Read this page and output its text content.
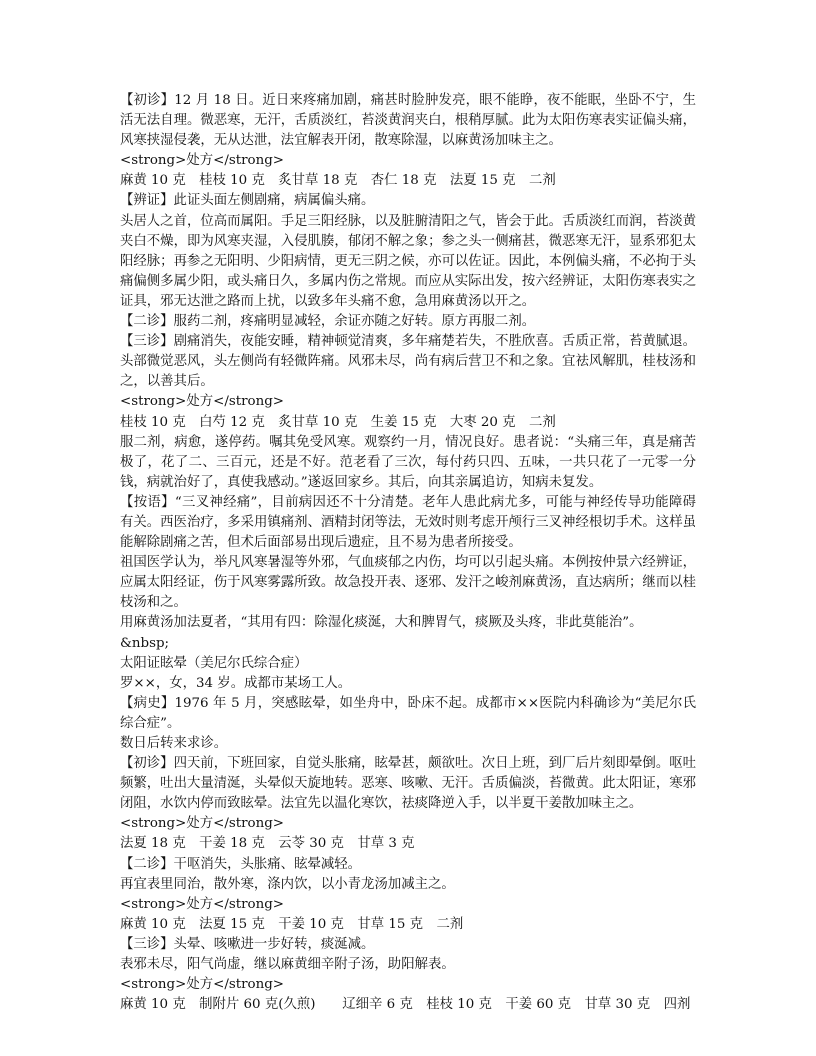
【初诊】12 月 18 日。近日来疼痛加剧，痛甚时脸肿发亮，眼不能睁，夜不能眠，坐卧不宁，生活无法自理。微恶寒，无汗，舌质淡红，苔淡黄润夹白，根稍厚腻。此为太阳伤寒表实证偏头痛，风寒挟湿侵袭，无从达泄，法宜解表开闭，散寒除湿，以麻黄汤加味主之。

<strong>处方</strong>

麻黄 10 克　桂枝 10 克　炙甘草 18 克　杏仁 18 克　法夏 15 克　二剂

【辨证】此证头面左侧剧痛，病属偏头痛。

头居人之首，位高而属阳。手足三阳经脉，以及脏腑清阳之气，皆会于此。舌质淡红而润，苔淡黄夹白不燥，即为风寒夹湿，入侵肌腠，郁闭不解之象；参之头一侧痛甚，微恶寒无汗，显系邪犯太阳经脉；再参之无阳明、少阳病情，更无三阴之候，亦可以佐证。因此，本例偏头痛，不必拘于头痛偏侧多属少阳，或头痛日久，多属内伤之常规。而应从实际出发，按六经辨证，太阳伤寒表实之证具，邪无达泄之路而上扰，以致多年头痛不愈，急用麻黄汤以开之。

【二诊】服药二剂，疼痛明显减轻，余证亦随之好转。原方再服二剂。

【三诊】剧痛消失，夜能安睡，精神顿觉清爽，多年痛楚若失，不胜欣喜。舌质正常，苔黄腻退。头部微觉恶风，头左侧尚有轻微阵痛。风邪未尽，尚有病后营卫不和之象。宜祛风解肌，桂枝汤和之，以善其后。

<strong>处方</strong>

桂枝 10 克　白芍 12 克　炙甘草 10 克　生姜 15 克　大枣 20 克　二剂

服二剂，病愈，遂停药。嘱其免受风寒。观察约一月，情况良好。患者说：“头痛三年，真是痛苦极了，花了二、三百元，还是不好。范老看了三次，每付药只四、五味，一共只花了一元零一分钱，病就治好了，真使我感动。”遂返回家乡。其后，向其亲属追访，知病未复发。

【按语】“三叉神经痛”，目前病因还不十分清楚。老年人患此病尤多，可能与神经传导功能障碍有关。西医治疗，多采用镇痛剂、酒精封闭等法，无效时则考虑开颅行三叉神经根切手术。这样虽能解除剧痛之苦，但术后面部易出现后遗症，且不易为患者所接受。

祖国医学认为，举凡风寒暑湿等外邪，气血痰郁之内伤，均可以引起头痛。本例按仲景六经辨证，应属太阳经证，伤于风寒雾露所致。故急投开表、逐邪、发汗之峻剂麻黄汤，直达病所；继而以桂枝汤和之。

用麻黄汤加法夏者，“其用有四：除湿化痰涎，大和脾胃气，痰厥及头疼，非此莫能治”。

&nbsp;

太阳证眩晕（美尼尔氏综合症）

罗××，女，34 岁。成都市某场工人。

【病史】1976 年 5 月，突感眩晕，如坐舟中，卧床不起。成都市××医院内科确诊为“美尼尔氏综合症”。

数日后转来求诊。

【初诊】四天前，下班回家，自觉头胀痛，眩晕甚，颇欲吐。次日上班，到厂后片刻即晕倒。呕吐频繁，吐出大量清涎，头晕似天旋地转。恶寒、咳嗽、无汗。舌质偏淡，苔微黄。此太阳证，寒邪闭阻，水饮内停而致眩晕。法宜先以温化寒饮，祛痰降逆入手，以半夏干姜散加味主之。

<strong>处方</strong>

法夏 18 克　干姜 18 克　云苓 30 克　甘草 3 克

【二诊】干呕消失，头胀痛、眩晕减轻。

再宜表里同治，散外寒，涤内饮，以小青龙汤加减主之。

<strong>处方</strong>

麻黄 10 克　法夏 15 克　干姜 10 克　甘草 15 克　二剂

【三诊】头晕、咳嗽进一步好转，痰涎减。

表邪未尽，阳气尚虚，继以麻黄细辛附子汤，助阳解表。

<strong>处方</strong>

麻黄 10 克　制附片 60 克(久煎)　　辽细辛 6 克　桂枝 10 克　干姜 60 克　甘草 30 克　四剂
